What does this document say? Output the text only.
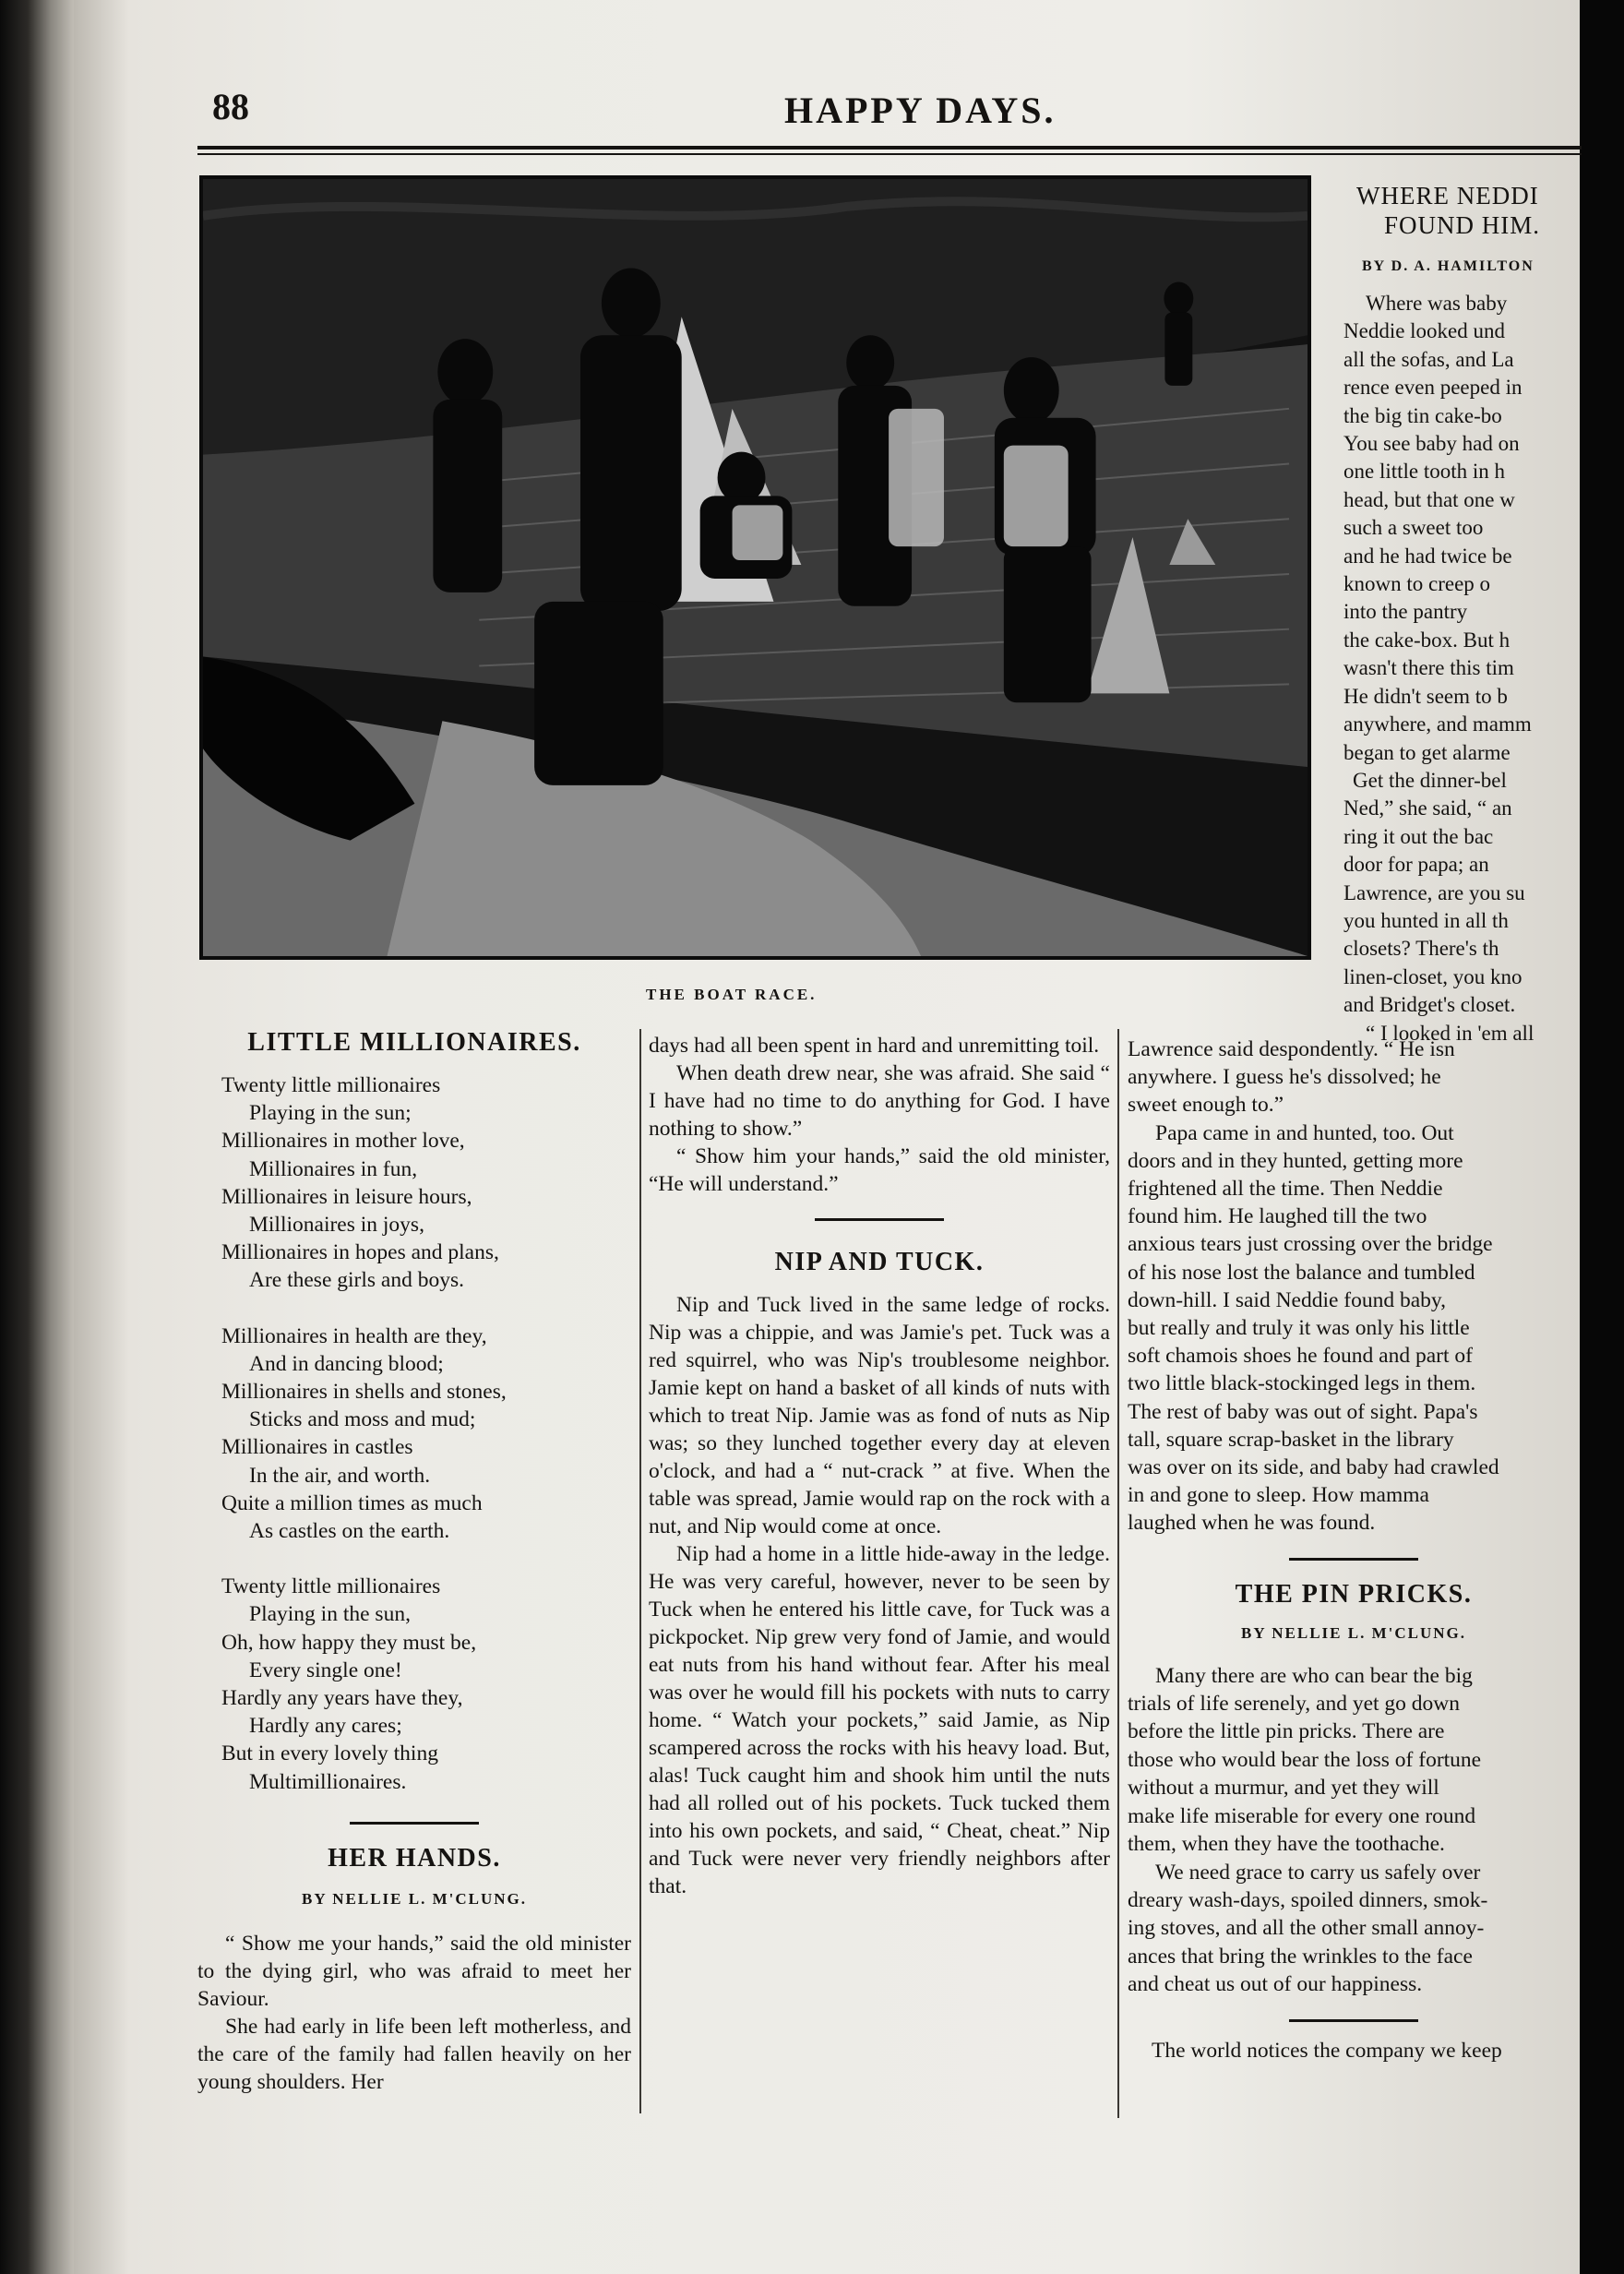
88	HAPPY DAYS.
THE BOAT RACE.
LITTLE MILLIONAIRES.
Twenty little millionaires
Playing in the sun;
Millionaires in mother love,
Millionaires in fun,
Millionaires in leisure hours,
Millionaires in joys,
Millionaires in hopes and plans,
Are these girls and boys.
Millionaires in health are they,
And in dancing blood;
Millionaires in shells and stones,
Sticks and moss and mud;
Millionaires in castles
In the air, and worth.
Quite a million times as much
As castles on the earth.
Twenty little millionaires
Playing in the sun,
Oh, how happy they must be,
Every single one!
Hardly any years have they,
Hardly any cares;
But in every lovely thing
Multimillionaires.
HER HANDS.
BY NELLIE L. M'CLUNG.

“ Show me your hands,” said the old minister to the dying girl, who was afraid to meet her Saviour.

She had early in life been left motherless, and the care of the family had fallen heavily on her young shoulders. Her

days had all been spent in hard and unremitting toil.

When death drew near, she was afraid. She said “ I have had no time to do anything for God. I have nothing to show.”

“ Show him your hands,” said the old minister, “He will understand.”

NIP AND TUCK.

Nip and Tuck lived in the same ledge of rocks. Nip was a chippie, and was Jamie's pet. Tuck was a red squirrel, who was Nip's troublesome neighbor. Jamie kept on hand a basket of all kinds of nuts with which to treat Nip. Jamie was as fond of nuts as Nip was; so they lunched together every day at eleven o'clock, and had a “ nut-crack ” at five. When the table was spread, Jamie would rap on the rock with a nut, and Nip would come at once.

Nip had a home in a little hide-away in the ledge. He was very careful, however, never to be seen by Tuck when he entered his little cave, for Tuck was a pickpocket. Nip grew very fond of Jamie, and would eat nuts from his hand without fear. After his meal was over he would fill his pockets with nuts to carry home. “ Watch your pockets,” said Jamie, as Nip scampered across the rocks with his heavy load. But, alas! Tuck caught him and shook him until the nuts had all rolled out of his pockets. Tuck tucked them into his own pockets, and said, “ Cheat, cheat.” Nip and Tuck were never very friendly neighbors after that.

WHERE NEDDI
FOUND HIM.
BY D. A. HAMILTON
Where was baby
Neddie looked und
all the sofas, and La
rence even peeped in
the big tin cake-bo
You see baby had on
one little tooth in h
head, but that one w
such a sweet too
and he had twice be
known to creep o
into the pantry
the cake-box. But h
wasn't there this tim
He didn't seem to b
anywhere, and mamm
began to get alarme
Get the dinner-bel
Ned,” she said, “ an
ring it out the bac
door for papa; an
Lawrence, are you su
you hunted in all th
closets? There's th
linen-closet, you kno
and Bridget's closet.
“ I looked in 'em all
Lawrence said despondently. “ He isn
anywhere. I guess he's dissolved; he
sweet enough to.”
Papa came in and hunted, too. Out
doors and in they hunted, getting more
frightened all the time. Then Neddie
found him. He laughed till the two
anxious tears just crossing over the bridge
of his nose lost the balance and tumbled
down-hill. I said Neddie found baby,
but really and truly it was only his little
soft chamois shoes he found and part of
two little black-stockinged legs in them.
The rest of baby was out of sight. Papa's
tall, square scrap-basket in the library
was over on its side, and baby had crawled
in and gone to sleep. How mamma
laughed when he was found.
THE PIN PRICKS.
BY NELLIE L. M'CLUNG.
Many there are who can bear the big
trials of life serenely, and yet go down
before the little pin pricks. There are
those who would bear the loss of fortune
without a murmur, and yet they will
make life miserable for every one round
them, when they have the toothache.
We need grace to carry us safely over
dreary wash-days, spoiled dinners, smok-
ing stoves, and all the other small annoy-
ances that bring the wrinkles to the face
and cheat us out of our happiness.
The world notices the company we keep
